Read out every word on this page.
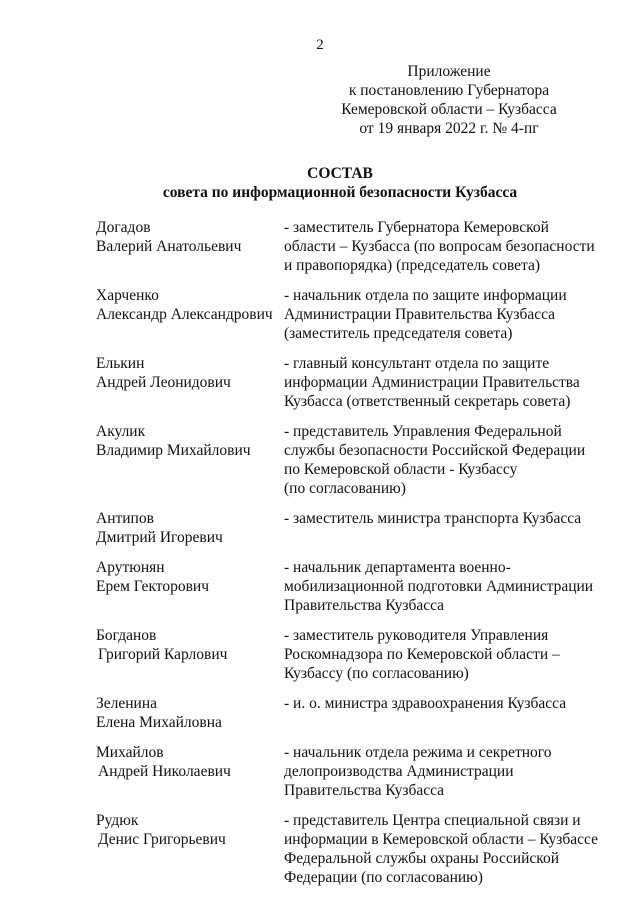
2
Приложение
к постановлению Губернатора
Кемеровской области – Кузбасса
от 19 января 2022 г. № 4-пг
СОСТАВ
совета по информационной безопасности Кузбасса
Догадов
Валерий Анатольевич
- заместитель Губернатора Кемеровской
области – Кузбасса (по вопросам безопасности
и правопорядка) (председатель совета)
Харченко
Александр Александрович
- начальник отдела по защите информации
Администрации Правительства Кузбасса
(заместитель председателя совета)
Елькин
Андрей Леонидович
- главный консультант отдела по защите
информации Администрации Правительства
Кузбасса (ответственный секретарь совета)
Акулик
Владимир Михайлович
- представитель Управления Федеральной
службы безопасности Российской Федерации
по Кемеровской области - Кузбассу
(по согласованию)
Антипов
Дмитрий Игоревич
- заместитель министра транспорта Кузбасса
Арутюнян
Ерем Гекторович
- начальник департамента военно-
мобилизационной подготовки Администрации
Правительства Кузбасса
Богданов
Григорий Карлович
- заместитель руководителя Управления
Роскомнадзора по Кемеровской области –
Кузбассу (по согласованию)
Зеленина
Елена Михайловна
- и. о. министра здравоохранения Кузбасса
Михайлов
Андрей Николаевич
- начальник отдела режима и секретного
делопроизводства Администрации
Правительства Кузбасса
Рудюк
Денис Григорьевич
- представитель Центра специальной связи и
информации в Кемеровской области – Кузбассе
Федеральной службы охраны Российской
Федерации (по согласованию)
